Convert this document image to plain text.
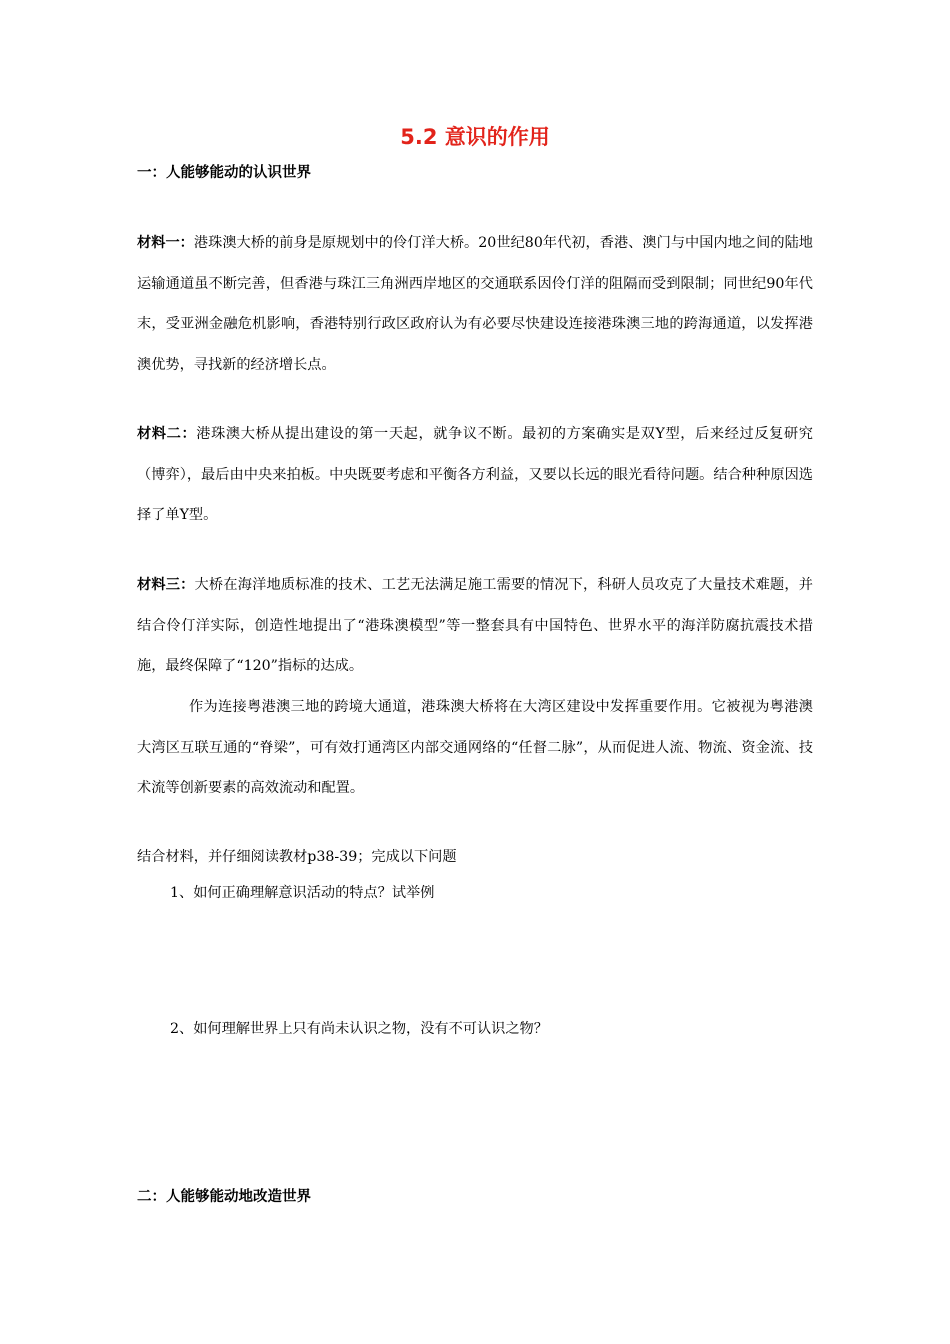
5.2 意识的作用
一：人能够能动的认识世界

材料一：港珠澳大桥的前身是原规划中的伶仃洋大桥。20世纪80年代初，香港、澳门与中国内地之间的陆地运输通道虽不断完善，但香港与珠江三角洲西岸地区的交通联系因伶仃洋的阻隔而受到限制；同世纪90年代末，受亚洲金融危机影响，香港特别行政区政府认为有必要尽快建设连接港珠澳三地的跨海通道，以发挥港澳优势，寻找新的经济增长点。

材料二：港珠澳大桥从提出建设的第一天起，就争议不断。最初的方案确实是双Y型，后来经过反复研究（博弈），最后由中央来拍板。中央既要考虑和平衡各方利益，又要以长远的眼光看待问题。结合种种原因选择了单Y型。

材料三：大桥在海洋地质标准的技术、工艺无法满足施工需要的情况下，科研人员攻克了大量技术难题，并结合伶仃洋实际，创造性地提出了“港珠澳模型”等一整套具有中国特色、世界水平的海洋防腐抗震技术措施，最终保障了“120”指标的达成。

作为连接粤港澳三地的跨境大通道，港珠澳大桥将在大湾区建设中发挥重要作用。它被视为粤港澳大湾区互联互通的“脊梁”，可有效打通湾区内部交通网络的“任督二脉”，从而促进人流、物流、资金流、技术流等创新要素的高效流动和配置。

结合材料，并仔细阅读教材p38-39；完成以下问题

1、如何正确理解意识活动的特点？试举例

2、如何理解世界上只有尚未认识之物，没有不可认识之物？

二：人能够能动地改造世界
